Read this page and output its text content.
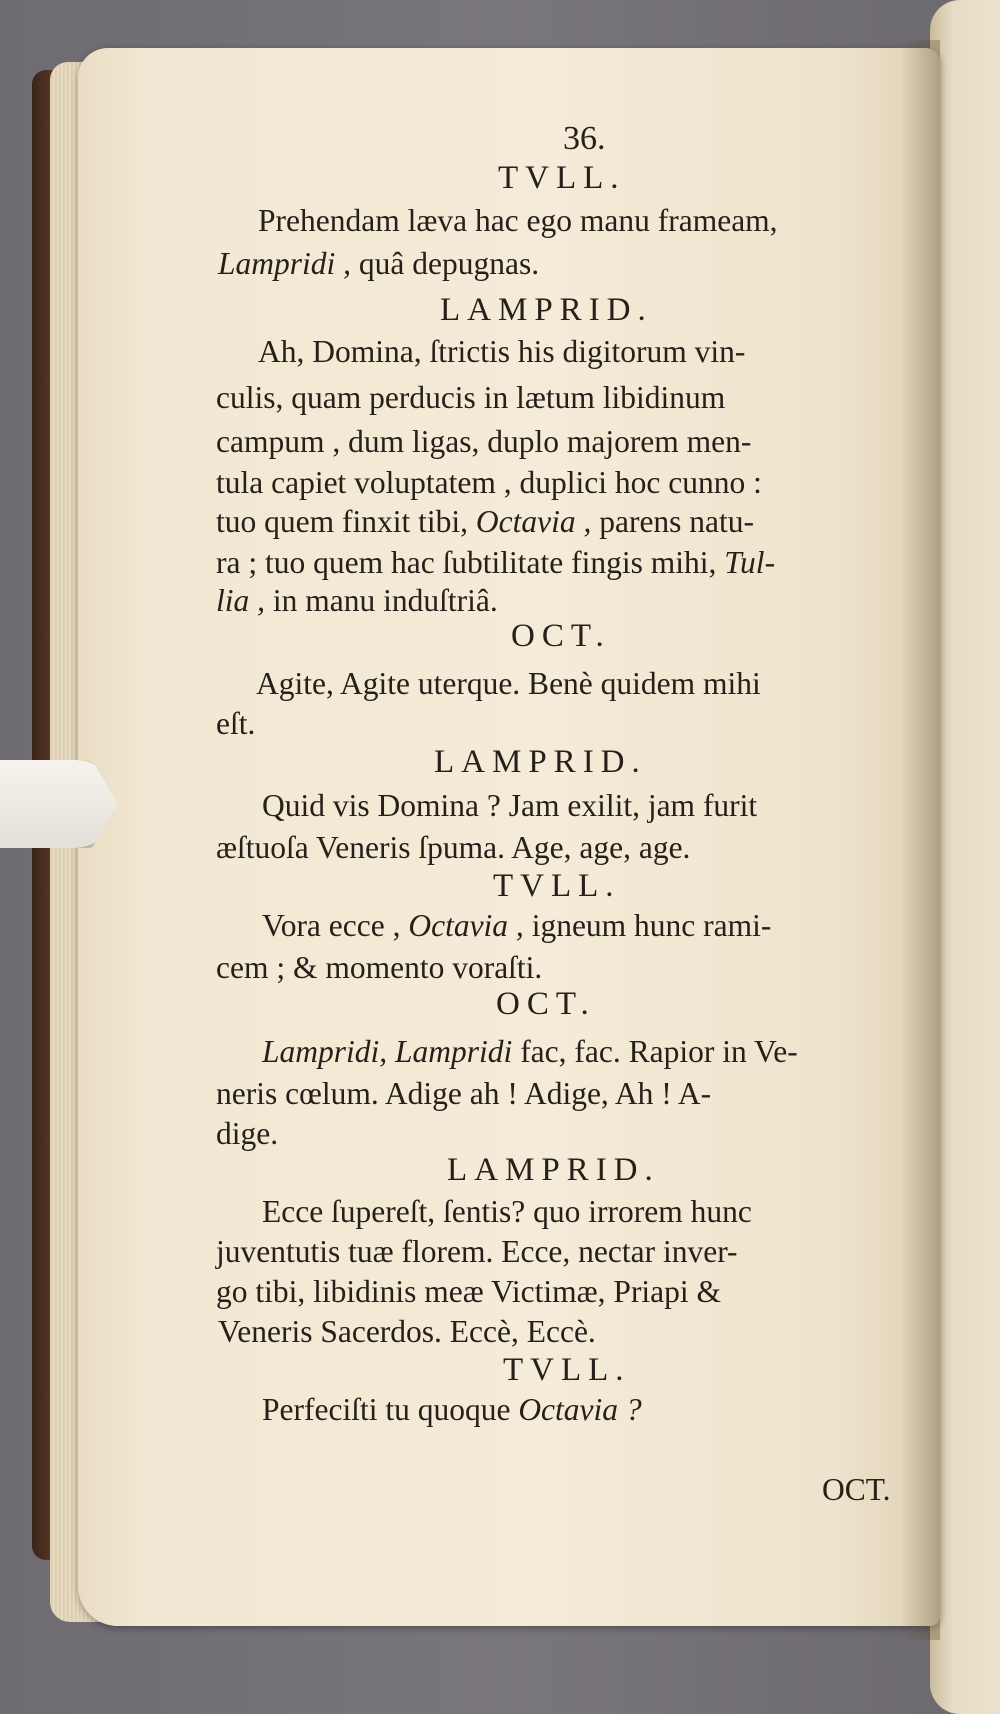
36.
TVLL.
Prehendam læva hac ego manu frameam,
Lampridi , quâ depugnas.
LAMPRID.
Ah, Domina, ſtrictis his digitorum vin-
culis, quam perducis in lætum libidinum
campum , dum ligas, duplo majorem men-
tula capiet voluptatem , duplici hoc cunno :
tuo quem finxit tibi, Octavia , parens natu-
ra ; tuo quem hac ſubtilitate fingis mihi, Tul-
lia , in manu induſtriâ.
OCT.
Agite, Agite uterque. Benè quidem mihi
eſt.
LAMPRID.
Quid vis Domina ? Jam exilit, jam furit
æſtuoſa Veneris ſpuma. Age, age, age.
TVLL.
Vora ecce , Octavia , igneum hunc rami-
cem ; & momento voraſti.
OCT.
Lampridi, Lampridi fac, fac. Rapior in Ve-
neris cœlum. Adige ah ! Adige, Ah ! A-
dige.
LAMPRID.
Ecce ſupereſt, ſentis? quo irrorem hunc
juventutis tuæ florem. Ecce, nectar inver-
go tibi, libidinis meæ Victimæ, Priapi &
Veneris Sacerdos. Eccè, Eccè.
TVLL.
Perfeciſti tu quoque Octavia ?
OCT.
